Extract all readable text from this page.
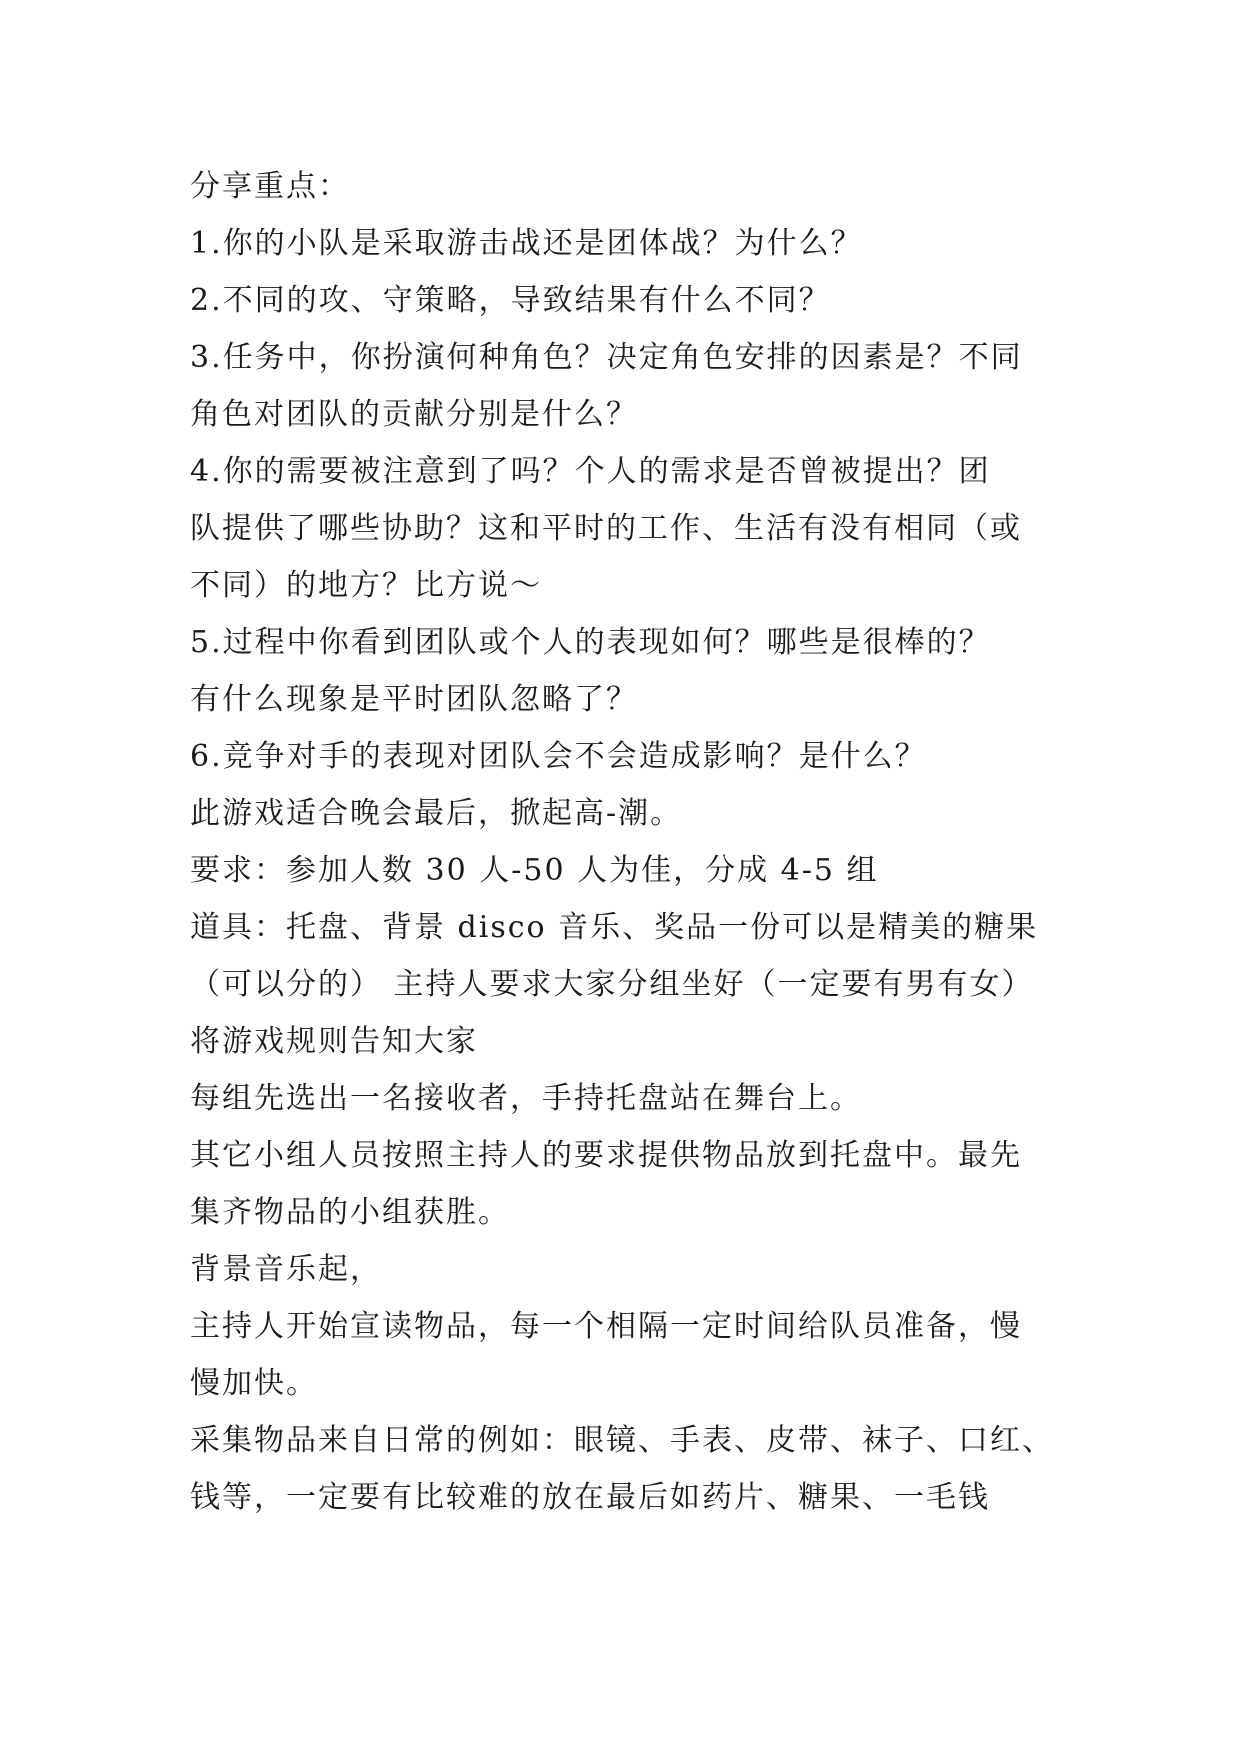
分享重点：
1.你的小队是采取游击战还是团体战？为什么？
2.不同的攻、守策略，导致结果有什么不同？
3.任务中，你扮演何种角色？决定角色安排的因素是？不同
角色对团队的贡献分别是什么？
4.你的需要被注意到了吗？个人的需求是否曾被提出？团
队提供了哪些协助？这和平时的工作、生活有没有相同（或
不同）的地方？比方说～
5.过程中你看到团队或个人的表现如何？哪些是很棒的？
有什么现象是平时团队忽略了？
6.竞争对手的表现对团队会不会造成影响？是什么？
此游戏适合晚会最后，掀起高-潮。
要求：参加人数 30 人-50 人为佳，分成 4-5 组
道具：托盘、背景 disco 音乐、奖品一份可以是精美的糖果
（可以分的） 主持人要求大家分组坐好（一定要有男有女）
将游戏规则告知大家
每组先选出一名接收者，手持托盘站在舞台上。
其它小组人员按照主持人的要求提供物品放到托盘中。最先
集齐物品的小组获胜。
背景音乐起，
主持人开始宣读物品，每一个相隔一定时间给队员准备，慢
慢加快。
采集物品来自日常的例如：眼镜、手表、皮带、袜子、口红、
钱等，一定要有比较难的放在最后如药片、糖果、一毛钱
